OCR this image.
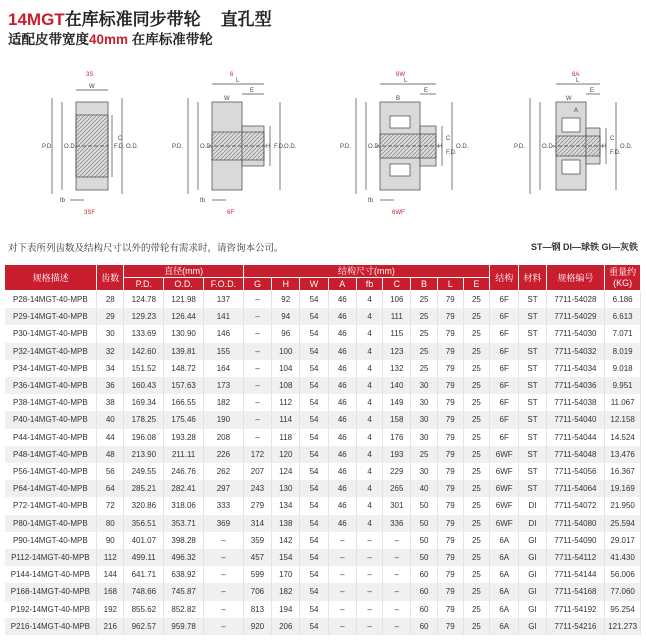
14MGT在库标准同步带轮 直孔型
适配皮带宽度40mm 在库标准带轮
3S
3SF
6
6F
6W
6WF
6A
W
P.D. O.D.
C
F.D. O.D.
fb
L
E
W
P.D.	O.D.	H F.D. O.D.
fb
L
B
E
P.D.	O.D.	H
C
F.D.
O.D.
fb
L
E
W
A
P.D.	O.D.	H
C
F.D.
O.D.
对下表所列齿数及结构尺寸以外的带轮有需求时，请咨询本公司。	ST—钢 DI—球铁 GI—灰铁
规格描述	齿数	直径(mm)			结构尺寸(mm)									结构	材料	规格编号	重量约
(KG)
		P.D.	O.D.	F.O.D.	G	H	W	A	fb	C	B	L	E				
P28-14MGT-40-MPB	28	124.78	121.98	137	–	92	54	46	4	106	25	79	25	6F	ST	7711-54028	6.186
P29-14MGT-40-MPB	29	129.23	126.44	141	–	94	54	46	4	111	25	79	25	6F	ST	7711-54029	6.613
P30-14MGT-40-MPB	30	133.69	130.90	146	–	96	54	46	4	115	25	79	25	6F	ST	7711-54030	7.071
P32-14MGT-40-MPB	32	142.60	139.81	155	–	100	54	46	4	123	25	79	25	6F	ST	7711-54032	8.019
P34-14MGT-40-MPB	34	151.52	148.72	164	–	104	54	46	4	132	25	79	25	6F	ST	7711-54034	9.018
P36-14MGT-40-MPB	36	160.43	157.63	173	–	108	54	46	4	140	30	79	25	6F	ST	7711-54036	9.951
P38-14MGT-40-MPB	38	169.34	166.55	182	–	112	54	46	4	149	30	79	25	6F	ST	7711-54038	11.067
P40-14MGT-40-MPB	40	178.25	175.46	190	–	114	54	46	4	158	30	79	25	6F	ST	7711-54040	12.158
P44-14MGT-40-MPB	44	196.08	193.28	208	–	118	54	46	4	176	30	79	25	6F	ST	7711-54044	14.524
P48-14MGT-40-MPB	48	213.90	211.11	226	172	120	54	46	4	193	25	79	25	6WF	ST	7711-54048	13.476
P56-14MGT-40-MPB	56	249.55	246.76	262	207	124	54	46	4	229	30	79	25	6WF	ST	7711-54056	16.367
P64-14MGT-40-MPB	64	285.21	282.41	297	243	130	54	46	4	265	40	79	25	6WF	ST	7711-54064	19.169
P72-14MGT-40-MPB	72	320.86	318.06	333	279	134	54	46	4	301	50	79	25	6WF	DI	7711-54072	21.950
P80-14MGT-40-MPB	80	356.51	353.71	369	314	138	54	46	4	336	50	79	25	6WF	DI	7711-54080	25.594
P90-14MGT-40-MPB	90	401.07	398.28	–	359	142	54	–	–	–	50	79	25	6A	GI	7711-54090	29.017
P112-14MGT-40-MPB	112	499.11	496.32	–	457	154	54	–	–	–	50	79	25	6A	GI	7711-54112	41.430
P144-14MGT-40-MPB	144	641.71	638.92	–	599	170	54	–	–	–	60	79	25	6A	GI	7711-54144	56.006
P168-14MGT-40-MPB	168	748.66	745.87	–	706	182	54	–	–	–	60	79	25	6A	GI	7711-54168	77.060
P192-14MGT-40-MPB	192	855.62	852.82	–	813	194	54	–	–	–	60	79	25	6A	GI	7711-54192	95.254
P216-14MGT-40-MPB	216	962.57	959.78	–	920	206	54	–	–	–	60	79	25	6A	GI	7711-54216	121.273
